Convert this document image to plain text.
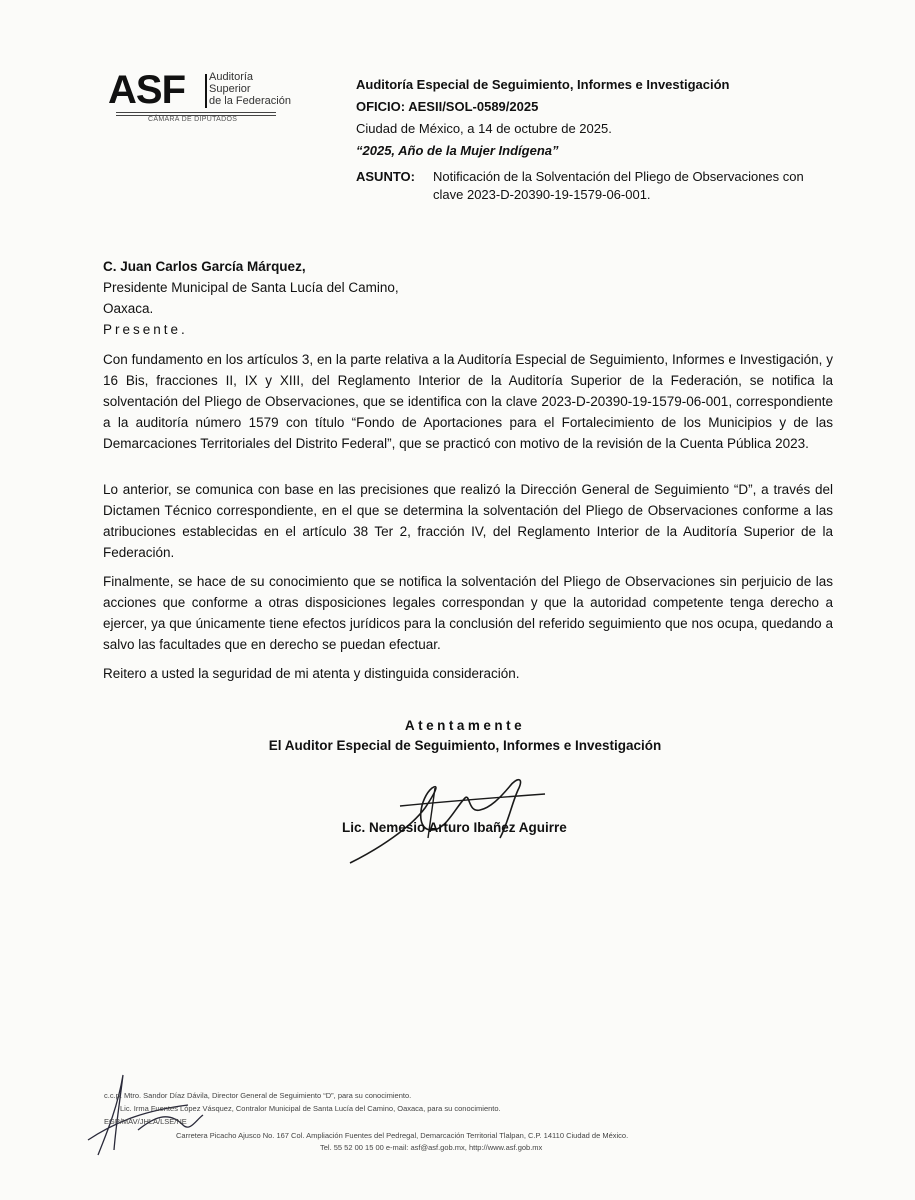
ASF Auditoría
Superior
de la Federación
CÁMARA DE DIPUTADOS
Auditoría Especial de Seguimiento, Informes e Investigación
OFICIO: AESII/SOL-0589/2025
Ciudad de México, a 14 de octubre de 2025.
“2025, Año de la Mujer Indígena”
ASUNTO: Notificación de la Solventación del Pliego de Observaciones con clave 2023-D-20390-19-1579-06-001.
C. Juan Carlos García Márquez,
Presidente Municipal de Santa Lucía del Camino,
Oaxaca.
Presente.
Con fundamento en los artículos 3, en la parte relativa a la Auditoría Especial de Seguimiento, Informes e Investigación, y 16 Bis, fracciones II, IX y XIII, del Reglamento Interior de la Auditoría Superior de la Federación, se notifica la solventación del Pliego de Observaciones, que se identifica con la clave 2023-D-20390-19-1579-06-001, correspondiente a la auditoría número 1579 con título “Fondo de Aportaciones para el Fortalecimiento de los Municipios y de las Demarcaciones Territoriales del Distrito Federal”, que se practicó con motivo de la revisión de la Cuenta Pública 2023.
Lo anterior, se comunica con base en las precisiones que realizó la Dirección General de Seguimiento “D”, a través del Dictamen Técnico correspondiente, en el que se determina la solventación del Pliego de Observaciones conforme a las atribuciones establecidas en el artículo 38 Ter 2, fracción IV, del Reglamento Interior de la Auditoría Superior de la Federación.
Finalmente, se hace de su conocimiento que se notifica la solventación del Pliego de Observaciones sin perjuicio de las acciones que conforme a otras disposiciones legales correspondan y que la autoridad competente tenga derecho a ejercer, ya que únicamente tiene efectos jurídicos para la conclusión del referido seguimiento que nos ocupa, quedando a salvo las facultades que en derecho se puedan efectuar.
Reitero a usted la seguridad de mi atenta y distinguida consideración.
Atentamente
El Auditor Especial de Seguimiento, Informes e Investigación
Lic. Nemesio Arturo Ibañez Aguirre
c.c.p. Mtro. Sandor Díaz Dávila, Director General de Seguimiento “D”, para su conocimiento.
Lic. Irma Fuentes López Vásquez, Contralor Municipal de Santa Lucía del Camino, Oaxaca, para su conocimiento.
EGP/MAV/JHLA/LSE/NE
Carretera Picacho Ajusco No. 167 Col. Ampliación Fuentes del Pedregal, Demarcación Territorial Tlalpan, C.P. 14110 Ciudad de México.
Tel. 55 52 00 15 00 e-mail: asf@asf.gob.mx, http://www.asf.gob.mx
